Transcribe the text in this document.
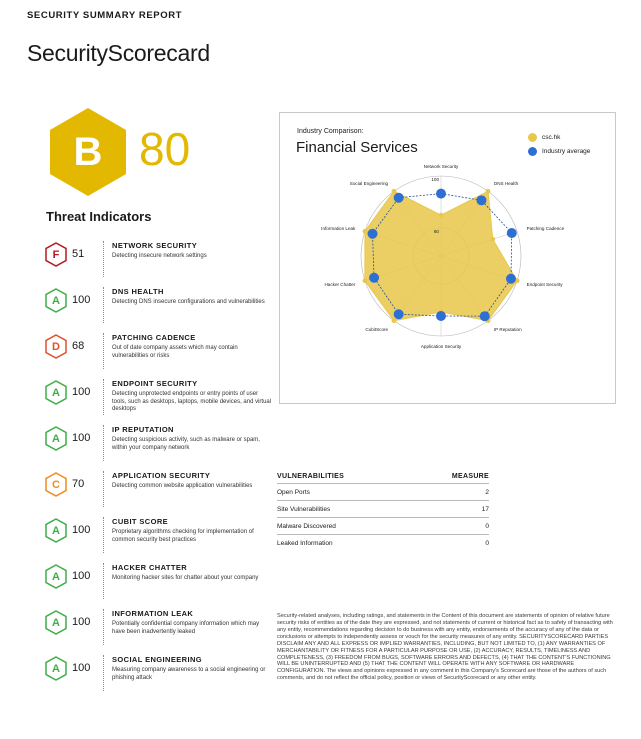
SECURITY SUMMARY REPORT
SecurityScorecard
B 80
Threat Indicators
F	51
NETWORK SECURITY
Detecting insecure network settings
A	100
DNS HEALTH
Detecting DNS insecure configurations and vulnerabilities
D	68
PATCHING CADENCE
Out of date company assets which may contain vulnerabilities or risks
A	100
ENDPOINT SECURITY
Detecting unprotected endpoints or entry points of user tools, such as desktops, laptops, mobile devices, and virtual desktops
A	100
IP REPUTATION
Detecting suspicious activity, such as malware or spam, within your company network
C	70
APPLICATION SECURITY
Detecting common website application vulnerabilities
A	100
CUBIT SCORE
Proprietary algorithms checking for implementation of common security best practices
A	100
HACKER CHATTER
Monitoring hacker sites for chatter about your company
A	100
INFORMATION LEAK
Potentially confidential company information which may have been inadvertently leaked
A	100
SOCIAL ENGINEERING
Measuring company awareness to a social engineering or phishing attack
Industry Comparison:
Financial Services
csc.hk
Industry average
100
60
Network Security
DNS Health
Patching Cadence
Endpoint Security
IP Reputation
Application Security
CubitScore
Hacker Chatter
Information Leak
Social Engineering
VULNERABILITIES	MEASURE
Open Ports	2
Site Vulnerabilities	17
Malware Discovered	0
Leaked Information	0
Security-related analyses, including ratings, and statements in the Content of this document are statements of opinion of relative future security risks of entities as of the date they are expressed, and not statements of current or historical fact as to safety of transacting with any entity, recommendations regarding decision to do business with any entity, endorsements of the accuracy of any of the data or conclusions or attempts to independently assess or vouch for the security measures of any entity. SECURITYSCORECARD PARTIES DISCLAIM ANY AND ALL EXPRESS OR IMPLIED WARRANTIES, INCLUDING, BUT NOT LIMITED TO, (1) ANY WARRANTIES OF MERCHANTABILITY OR FITNESS FOR A PARTICULAR PURPOSE OR USE, (2) ACCURACY, RESULTS, TIMELINESS AND COMPLETENESS, (3) FREEDOM FROM BUGS, SOFTWARE ERRORS AND DEFECTS, (4) THAT THE CONTENT'S FUNCTIONING WILL BE UNINTERRUPTED AND (5) THAT THE CONTENT WILL OPERATE WITH ANY SOFTWARE OR HARDWARE CONFIGURATION. The views and opinions expressed in any comment in this Company's Scorecard are those of the authors of such comments, and do not reflect the official policy, position or views of SecurityScorecard or any other entity.
